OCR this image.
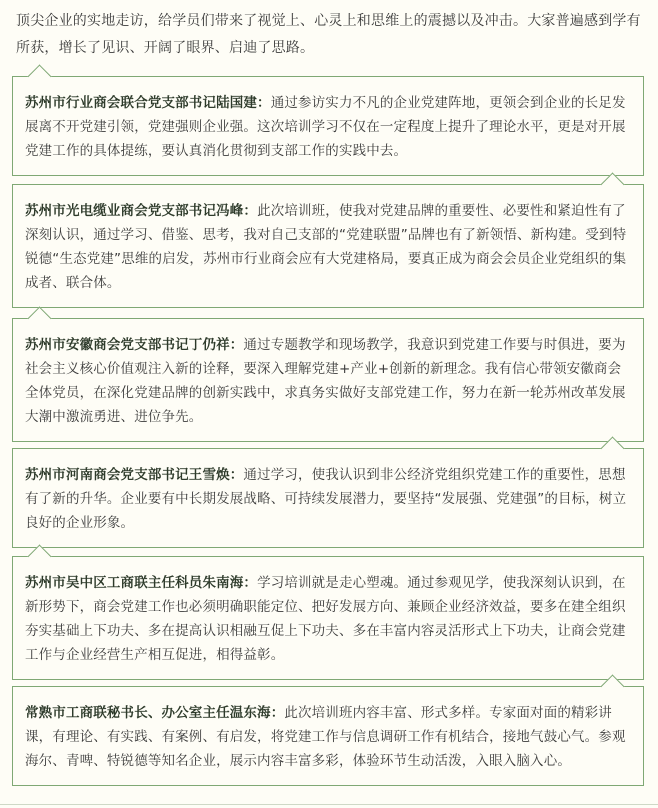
顶尖企业的实地走访，给学员们带来了视觉上、心灵上和思维上的震撼以及冲击。大家普遍感到学有所获，增长了见识、开阔了眼界、启迪了思路。
苏州市行业商会联合党支部书记陆国建：通过参访实力不凡的企业党建阵地，更领会到企业的长足发展离不开党建引领，党建强则企业强。这次培训学习不仅在一定程度上提升了理论水平，更是对开展党建工作的具体提练，要认真消化贯彻到支部工作的实践中去。
苏州市光电缆业商会党支部书记冯峰：此次培训班，使我对党建品牌的重要性、必要性和紧迫性有了深刻认识，通过学习、借鉴、思考，我对自己支部的“党建联盟”品牌也有了新领悟、新构建。受到特锐德“生态党建”思维的启发，苏州市行业商会应有大党建格局，要真正成为商会会员企业党组织的集成者、联合体。
苏州市安徽商会党支部书记丁仍祥：通过专题教学和现场教学，我意识到党建工作要与时俱进，要为社会主义核心价值观注入新的诠释，要深入理解党建+产业+创新的新理念。我有信心带领安徽商会全体党员，在深化党建品牌的创新实践中，求真务实做好支部党建工作，努力在新一轮苏州改革发展大潮中激流勇进、进位争先。
苏州市河南商会党支部书记王雪焕：通过学习，使我认识到非公经济党组织党建工作的重要性，思想有了新的升华。企业要有中长期发展战略、可持续发展潜力，要坚持“发展强、党建强”的目标，树立良好的企业形象。
苏州市吴中区工商联主任科员朱南海：学习培训就是走心塑魂。通过参观见学，使我深刻认识到，在新形势下，商会党建工作也必须明确职能定位、把好发展方向、兼顾企业经济效益，要多在建全组织夯实基础上下功夫、多在提高认识相融互促上下功夫、多在丰富内容灵活形式上下功夫，让商会党建工作与企业经营生产相互促进，相得益彰。
常熟市工商联秘书长、办公室主任温东海：此次培训班内容丰富、形式多样。专家面对面的精彩讲课，有理论、有实践、有案例、有启发，将党建工作与信息调研工作有机结合，接地气鼓心气。参观海尔、青啤、特锐德等知名企业，展示内容丰富多彩，体验环节生动活泼，入眼入脑入心。
